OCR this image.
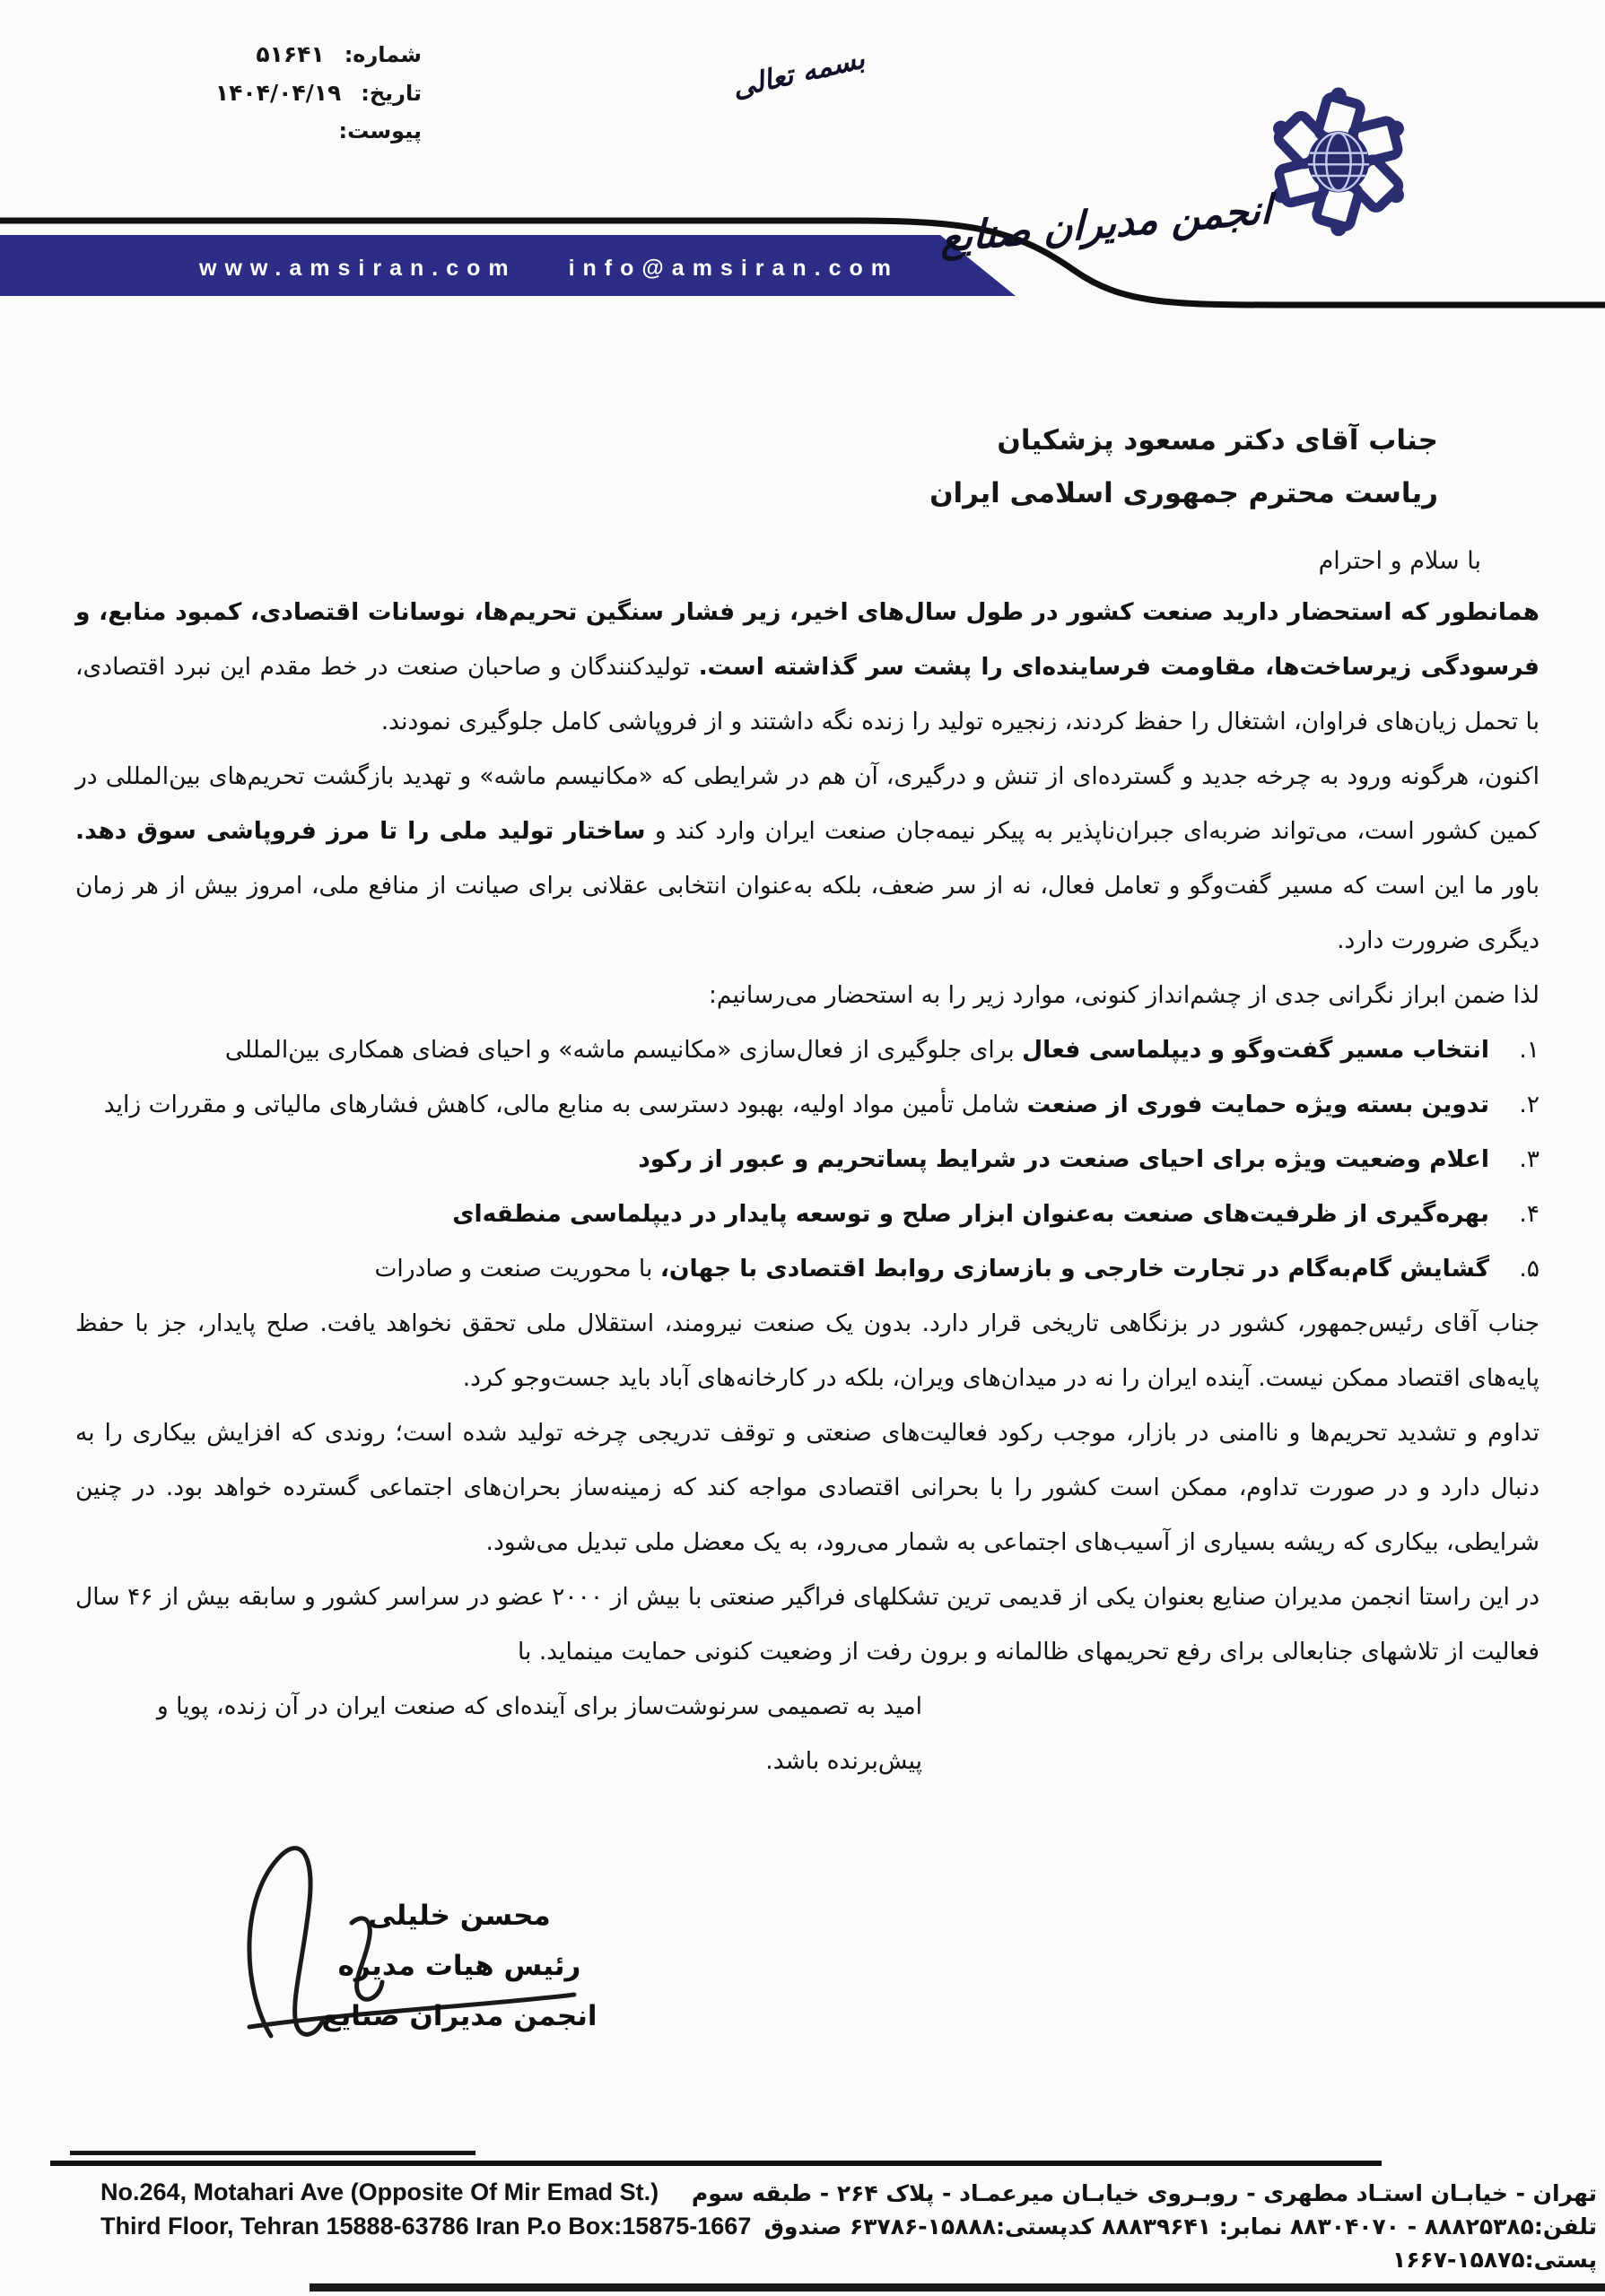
شماره:
۵۱۶۴۱
تاریخ:
۱۴۰۴/۰۴/۱۹
پیوست:
بسمه تعالی
www.amsiran.com info@amsiran.com
انجمن مدیران صنایع
جناب آقای دکتر مسعود پزشکیان
ریاست محترم جمهوری اسلامی ایران
با سلام و احترام

همانطور که استحضار دارید صنعت کشور در طول سال‌های اخیر، زیر فشار سنگین تحریم‌ها، نوسانات اقتصادی، کمبود منابع، و فرسودگی زیرساخت‌ها، مقاومت فرساینده‌ای را پشت سر گذاشته است. تولیدکنندگان و صاحبان صنعت در خط مقدم این نبرد اقتصادی، با تحمل زیان‌های فراوان، اشتغال را حفظ کردند، زنجیره تولید را زنده نگه داشتند و از فروپاشی کامل جلوگیری نمودند.

اکنون، هرگونه ورود به چرخه جدید و گسترده‌ای از تنش و درگیری، آن هم در شرایطی که «مکانیسم ماشه» و تهدید بازگشت تحریم‌های بین‌المللی در کمین کشور است، می‌تواند ضربه‌ای جبران‌ناپذیر به پیکر نیمه‌جان صنعت ایران وارد کند و ساختار تولید ملی را تا مرز فروپاشی سوق دهد. باور ما این است که مسیر گفت‌وگو و تعامل فعال، نه از سر ضعف، بلکه به‌عنوان انتخابی عقلانی برای صیانت از منافع ملی، امروز بیش از هر زمان دیگری ضرورت دارد.

لذا ضمن ابراز نگرانی جدی از چشم‌انداز کنونی، موارد زیر را به استحضار می‌رسانیم:

۱.انتخاب مسیر گفت‌وگو و دیپلماسی فعال برای جلوگیری از فعال‌سازی «مکانیسم ماشه» و احیای فضای همکاری بین‌المللی
۲.تدوین بسته ویژه حمایت فوری از صنعت شامل تأمین مواد اولیه، بهبود دسترسی به منابع مالی، کاهش فشارهای مالیاتی و مقررات زاید
۳.اعلام وضعیت ویژه برای احیای صنعت در شرایط پساتحریم و عبور از رکود
۴.بهره‌گیری از ظرفیت‌های صنعت به‌عنوان ابزار صلح و توسعه پایدار در دیپلماسی منطقه‌ای
۵.گشایش گام‌به‌گام در تجارت خارجی و بازسازی روابط اقتصادی با جهان، با محوریت صنعت و صادرات

جناب آقای رئیس‌جمهور، کشور در بزنگاهی تاریخی قرار دارد. بدون یک صنعت نیرومند، استقلال ملی تحقق نخواهد یافت. صلح پایدار، جز با حفظ پایه‌های اقتصاد ممکن نیست. آینده ایران را نه در میدان‌های ویران، بلکه در کارخانه‌های آباد باید جست‌وجو کرد.

تداوم و تشدید تحریم‌ها و ناامنی در بازار، موجب رکود فعالیت‌های صنعتی و توقف تدریجی چرخه تولید شده است؛ روندی که افزایش بیکاری را به دنبال دارد و در صورت تداوم، ممکن است کشور را با بحرانی اقتصادی مواجه کند که زمینه‌ساز بحران‌های اجتماعی گسترده خواهد بود. در چنین شرایطی، بیکاری که ریشه بسیاری از آسیب‌های اجتماعی به شمار می‌رود، به یک معضل ملی تبدیل می‌شود.

در این راستا انجمن مدیران صنایع بعنوان یکی از قدیمی ترین تشکلهای فراگیر صنعتی با بیش از ۲۰۰۰ عضو در سراسر کشور و سابقه بیش از ۴۶ سال فعالیت از تلاشهای جنابعالی برای رفع تحریمهای ظالمانه و برون رفت از وضعیت کنونی حمایت مینماید. با

امید به تصمیمی سرنوشت‌ساز برای آینده‌ای که صنعت ایران در آن زنده، پویا و پیش‌برنده باشد.
محسن خلیلی
رئیس هیات مدیره
انجمن مدیران صنایع
No.264, Motahari Ave (Opposite Of Mir Emad St.)
Third Floor, Tehran 15888-63786 Iran P.o Box:15875-1667
تهران - خیابـان استـاد مطهری - روبـروی خیابـان میرعمـاد - پلاک ۲۶۴ - طبقه سوم
تلفن:۸۸۸۲۵۳۸۵ - ۸۸۳۰۴۰۷۰ نمابر: ۸۸۸۳۹۶۴۱ کدپستی:۱۵۸۸۸-۶۳۷۸۶ صندوق پستی:۱۵۸۷۵-۱۶۶۷
